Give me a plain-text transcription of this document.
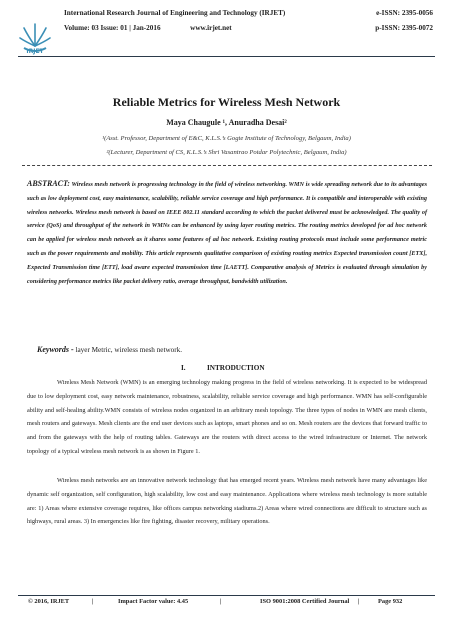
IRJET
International Research Journal of Engineering and Technology (IRJET)
Volume: 03 Issue: 01 | Jan-2016	www.irjet.net
e-ISSN: 2395-0056
p-ISSN: 2395-0072
Reliable Metrics for Wireless Mesh Network
Maya Chaugule ¹, Anuradha Desai²
¹(Asst. Professor, Department of E&C, K.L.S.’s Gogte Institute of Technology, Belgaum, India)
²(Lecturer, Department of CS, K.L.S.’s Shri Vasantrao Potdar Polytechnic, Belgaum, India)
ABSTRACT: Wireless mesh network is progressing technology in the field of wireless networking. WMN is wide spreading network due to its advantages such as low deployment cost, easy maintenance, scalability, reliable service coverage and high performance. It is compatible and interoperable with existing wireless networks. Wireless mesh network is based on IEEE 802.11 standard according to which the packet delivered must be acknowledged. The quality of service (QoS) and throughput of the network in WMNs can be enhanced by using layer routing metrics. The routing metrics developed for ad hoc network can be applied for wireless mesh network as it shares some features of ad hoc network. Existing routing protocols must include some performance metric such as the power requirements and mobility. This article represents qualitative comparison of existing routing metrics Expected transmission count [ETX], Expected Transmission time [ETT], load aware expected transmission time [LAETT]. Comparative analysis of Metrics is evaluated through simulation by considering performance metrics like packet delivery ratio, average throughput, bandwidth utilization.
Keywords - layer Metric, wireless mesh network.
I.	INTRODUCTION
Wireless Mesh Network (WMN) is an emerging technology making progress in the field of wireless networking. It is expected to be widespread due to low deployment cost, easy network maintenance, robustness, scalability, reliable service coverage and high performance. WMN has self-configurable ability and self-healing ability.WMN consists of wireless nodes organized in an arbitrary mesh topology. The three types of nodes in WMN are mesh clients, mesh routers and gateways. Mesh clients are the end user devices such as laptops, smart phones and so on. Mesh routers are the devices that forward traffic to and from the gateways with the help of routing tables. Gateways are the routers with direct access to the wired infrastructure or Internet. The network topology of a typical wireless mesh network is as shown in Figure 1.
Wireless mesh networks are an innovative network technology that has emerged recent years. Wireless mesh network have many advantages like dynamic self organization, self configuration, high scalability, low cost and easy maintenance. Applications where wireless mesh technology is more suitable are: 1) Areas where extensive coverage requires, like offices campus networking stadiums.2) Areas where wired connections are difficult to structure such as highways, rural areas. 3) In emergencies like fire fighting, disaster recovery, military operations.
© 2016, IRJET	|	Impact Factor value: 4.45	|	ISO 9001:2008 Certified Journal |	Page 932
